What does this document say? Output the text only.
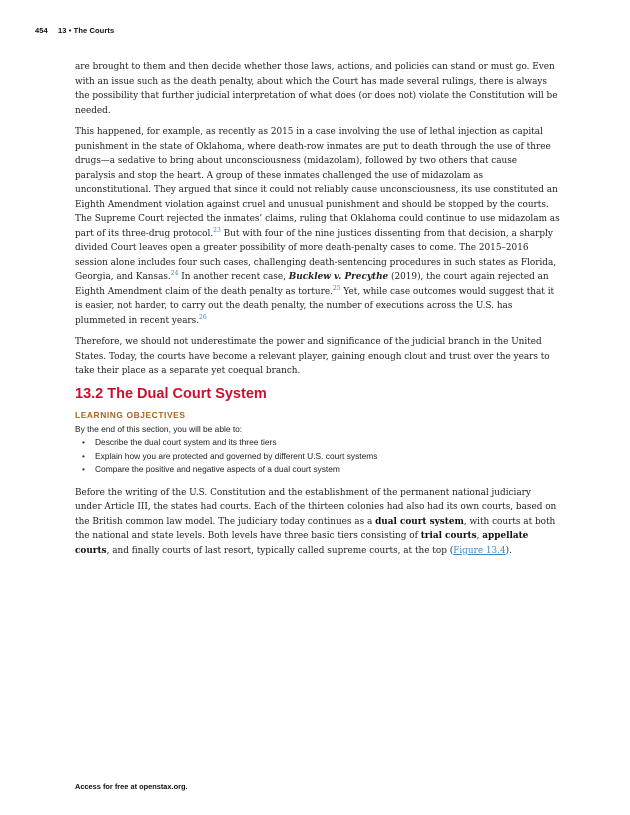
454 13 • The Courts

are brought to them and then decide whether those laws, actions, and policies can stand or must go. Even with an issue such as the death penalty, about which the Court has made several rulings, there is always the possibility that further judicial interpretation of what does (or does not) violate the Constitution will be needed.

This happened, for example, as recently as 2015 in a case involving the use of lethal injection as capital punishment in the state of Oklahoma, where death-row inmates are put to death through the use of three drugs—a sedative to bring about unconsciousness (midazolam), followed by two others that cause paralysis and stop the heart. A group of these inmates challenged the use of midazolam as unconstitutional. They argued that since it could not reliably cause unconsciousness, its use constituted an Eighth Amendment violation against cruel and unusual punishment and should be stopped by the courts. The Supreme Court rejected the inmates’ claims, ruling that Oklahoma could continue to use midazolam as part of its three-drug protocol.$^{23}$ But with four of the nine justices dissenting from that decision, a sharply divided Court leaves open a greater possibility of more death-penalty cases to come. The 2015–2016 session alone includes four such cases, challenging death-sentencing procedures in such states as Florida, Georgia, and Kansas.$^{24}$ In another recent case, Bucklew v. Precythe (2019), the court again rejected an Eighth Amendment claim of the death penalty as torture.$^{25}$ Yet, while case outcomes would suggest that it is easier, not harder, to carry out the death penalty, the number of executions across the U.S. has plummeted in recent years.$^{26}$

Therefore, we should not underestimate the power and significance of the judicial branch in the United States. Today, the courts have become a relevant player, gaining enough clout and trust over the years to take their place as a separate yet coequal branch.

13.2 The Dual Court System
LEARNING OBJECTIVES

By the end of this section, you will be able to:

• Describe the dual court system and its three tiers
• Explain how you are protected and governed by different U.S. court systems
• Compare the positive and negative aspects of a dual court system

Before the writing of the U.S. Constitution and the establishment of the permanent national judiciary under Article III, the states had courts. Each of the thirteen colonies had also had its own courts, based on the British common law model. The judiciary today continues as a dual court system, with courts at both the national and state levels. Both levels have three basic tiers consisting of trial courts, appellate courts, and finally courts of last resort, typically called supreme courts, at the top (Figure 13.4).

Access for free at openstax.org.
